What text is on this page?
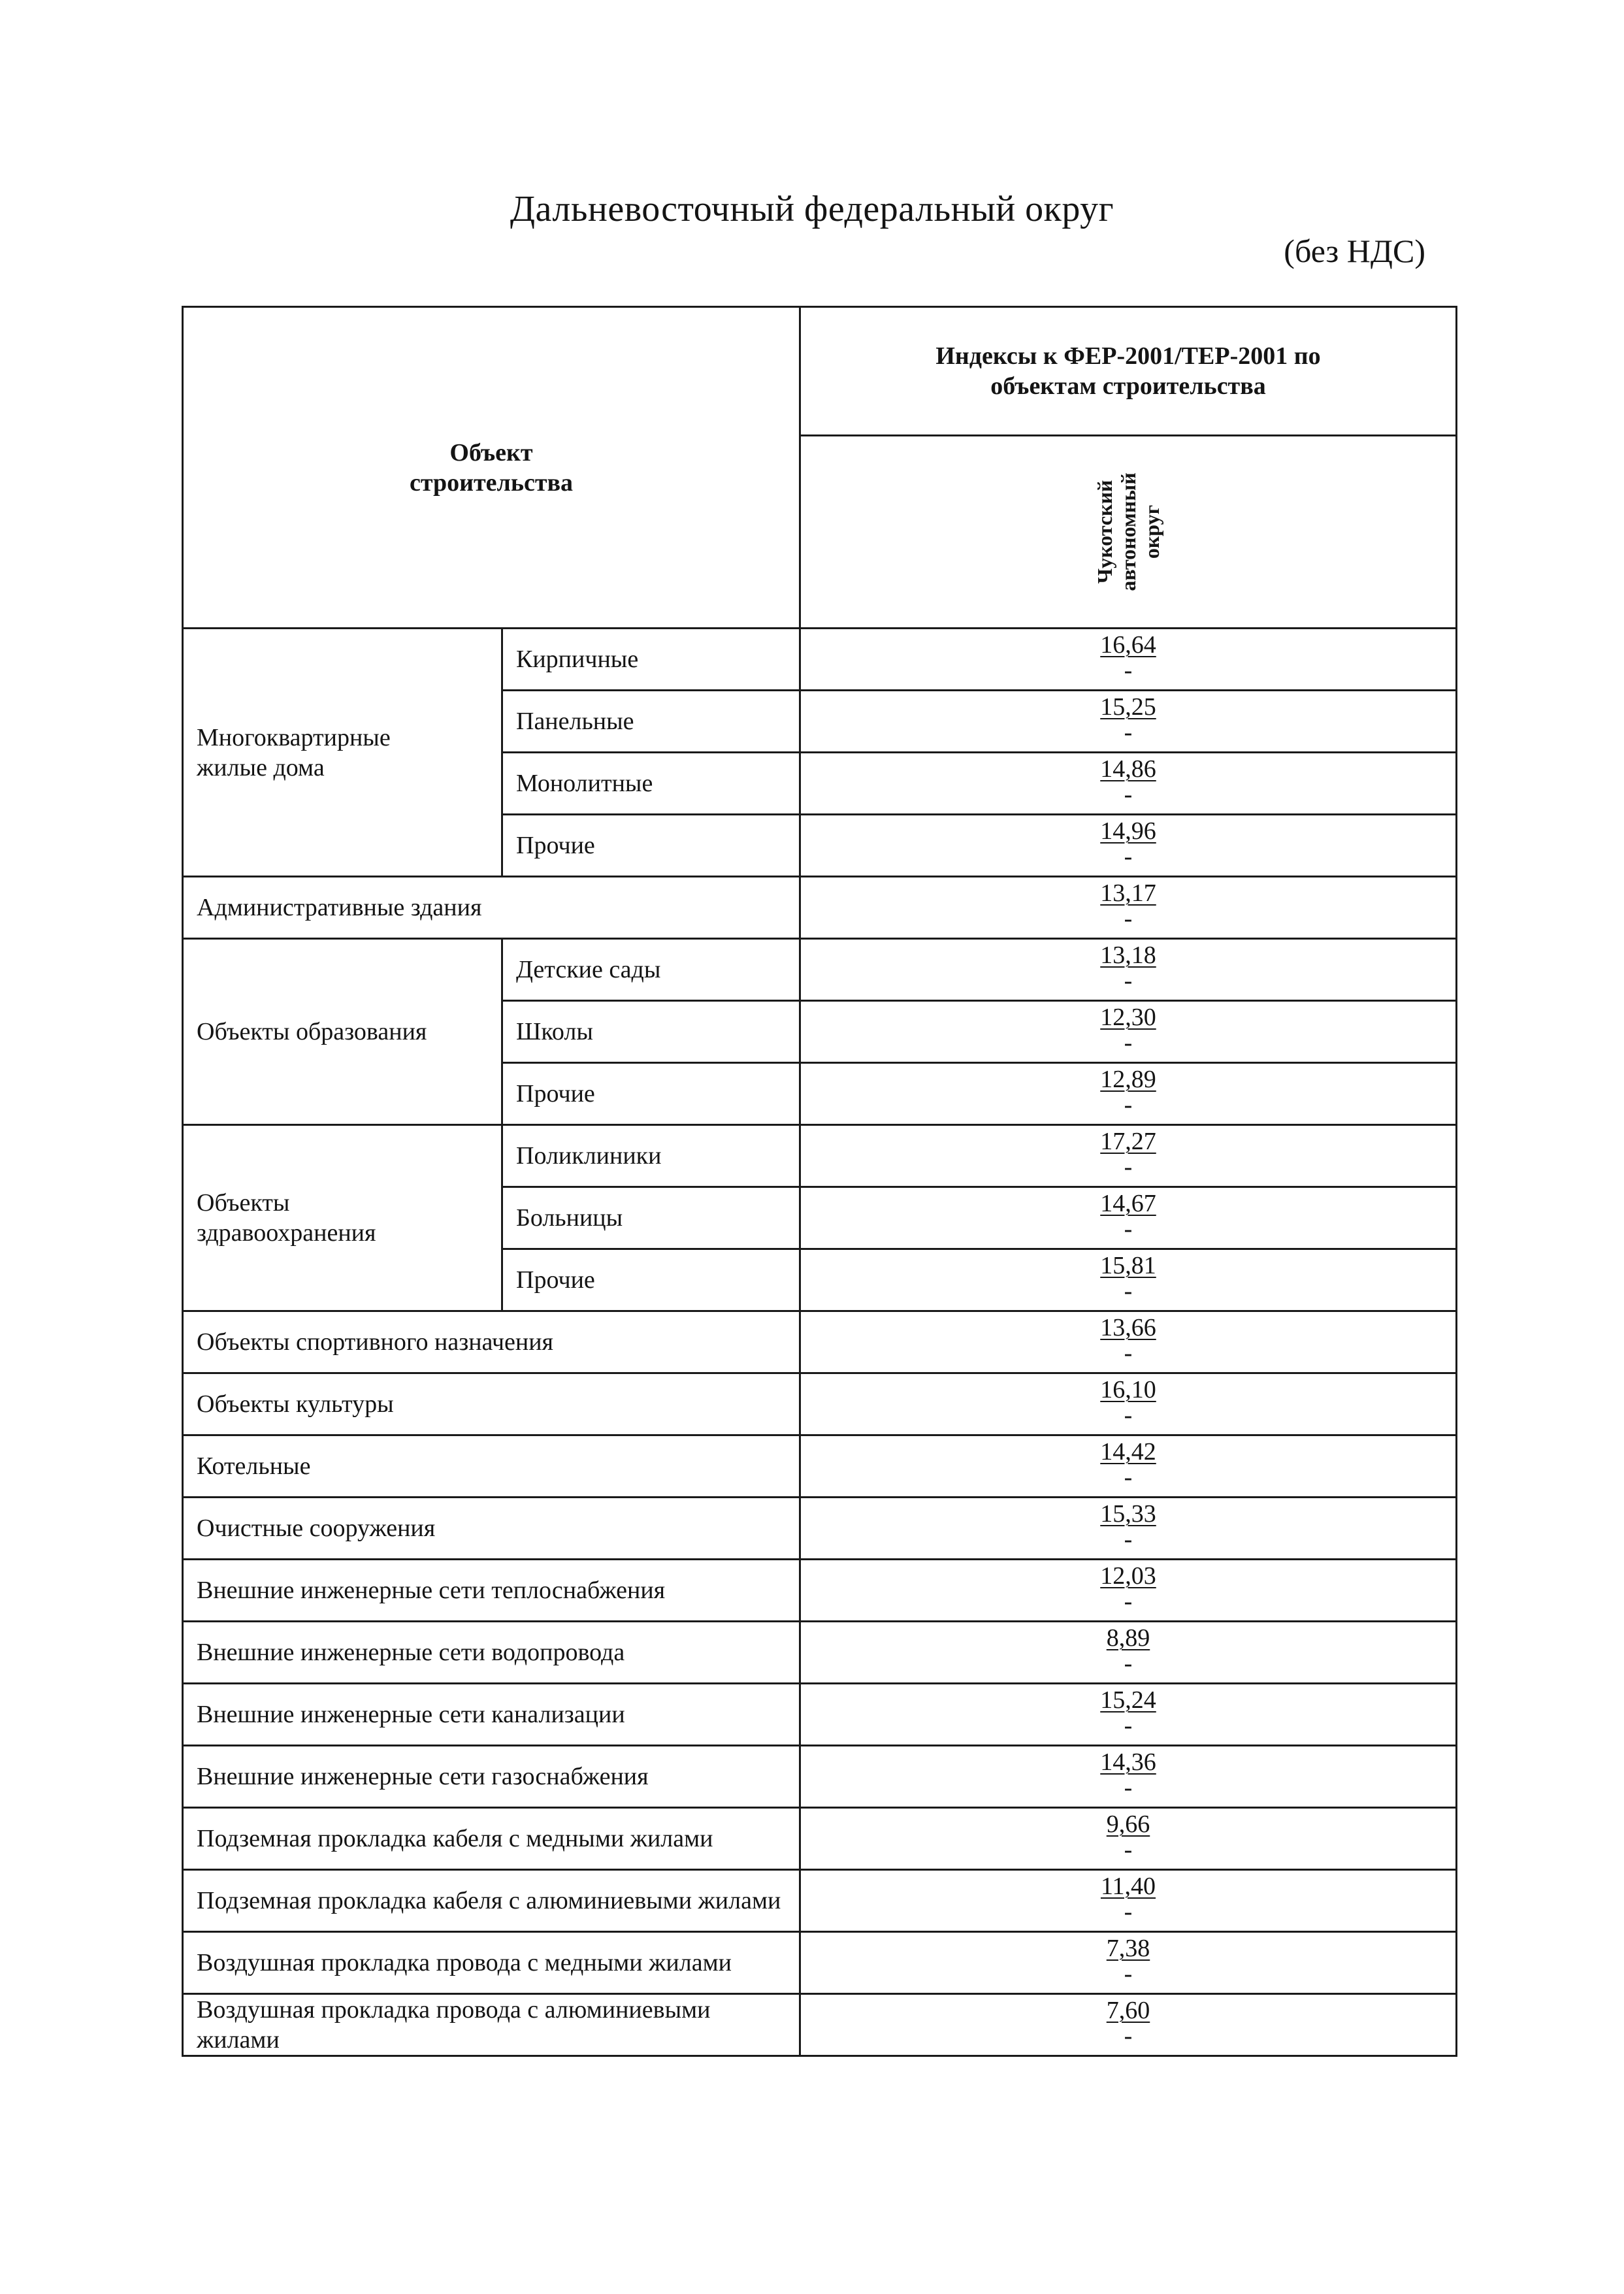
Дальневосточный федеральный округ
(без НДС)
Объект
строительства		Индексы к ФЕР-2001/ТЕР-2001 по объектам строительства

		Чукотский
автономный
округ

Многоквартирные жилые дома	Кирпичные	16,64
-

	Панельные	15,25
-

	Монолитные	14,86
-

	Прочие	14,96
-

Административные здания		13,17
-

Объекты образования	Детские сады	13,18
-

	Школы	12,30
-

	Прочие	12,89
-

Объекты здравоохранения	Поликлиники	17,27
-

	Больницы	14,67
-

	Прочие	15,81
-

Объекты спортивного назначения		13,66
-

Объекты культуры		16,10
-

Котельные		14,42
-

Очистные сооружения		15,33
-

Внешние инженерные сети теплоснабжения		12,03
-

Внешние инженерные сети водопровода		8,89
-

Внешние инженерные сети канализации		15,24
-

Внешние инженерные сети газоснабжения		14,36
-

Подземная прокладка кабеля с медными жилами		9,66
-

Подземная прокладка кабеля с алюминиевыми жилами		11,40
-

Воздушная прокладка провода с медными жилами		7,38
-

Воздушная прокладка провода с алюминиевыми жилами		7,60
-
